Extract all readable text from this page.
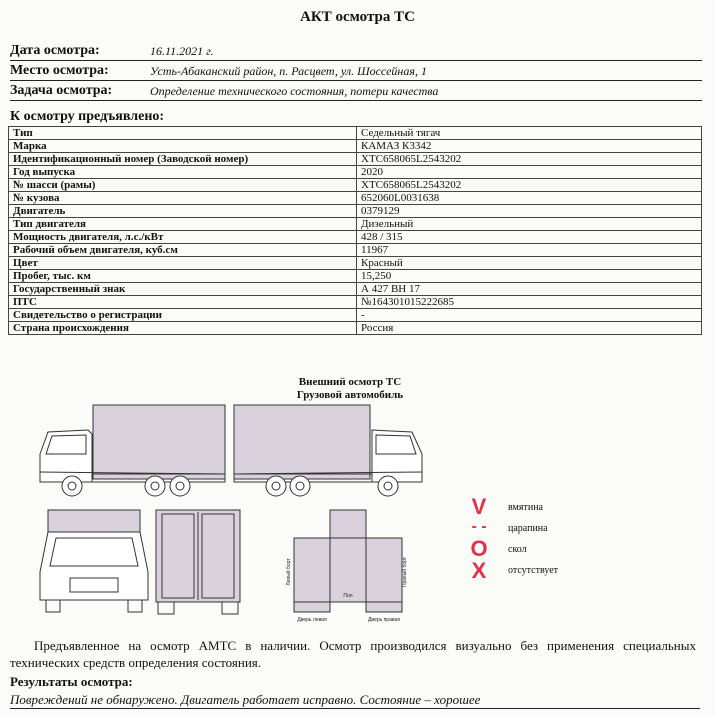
АКТ осмотра ТС
Дата осмотра:	16.11.2021 г.
Место осмотра:	Усть-Абаканский район, п. Расцвет, ул. Шоссейная, 1
Задача осмотра:	Определение технического состояния, потери качества
К осмотру предъявлено:
Тип	Седельный тягач
Марка	КАМАЗ К3342
Идентификационный номер (Заводской номер)	XTC658065L2543202
Год выпуска	2020
№ шасси (рамы)	XTC658065L2543202
№ кузова	652060L0031638
Двигатель	0379129
Тип двигателя	Дизельный
Мощность двигателя, л.с./кВт	428 / 315
Рабочий объем двигателя, куб.см	11967
Цвет	Красный
Пробег, тыс. км	15,250
Государственный знак	А 427 ВН 17
ПТС	№164301015222685
Свидетельство о регистрации	-
Страна происхождения	Россия
Внешний осмотр ТС
Грузовой автомобиль
Левый борт	Правый борт
Пол
Дверь левая	Дверь правая
V	вмятина
- -	царапина
O	скол
X	отсутствует
Предъявленное на осмотр АМТС в наличии. Осмотр производился визуально без применения специальных технических средств определения состояния.
Результаты осмотра:
Повреждений не обнаружено. Двигатель работает исправно. Состояние – хорошее
